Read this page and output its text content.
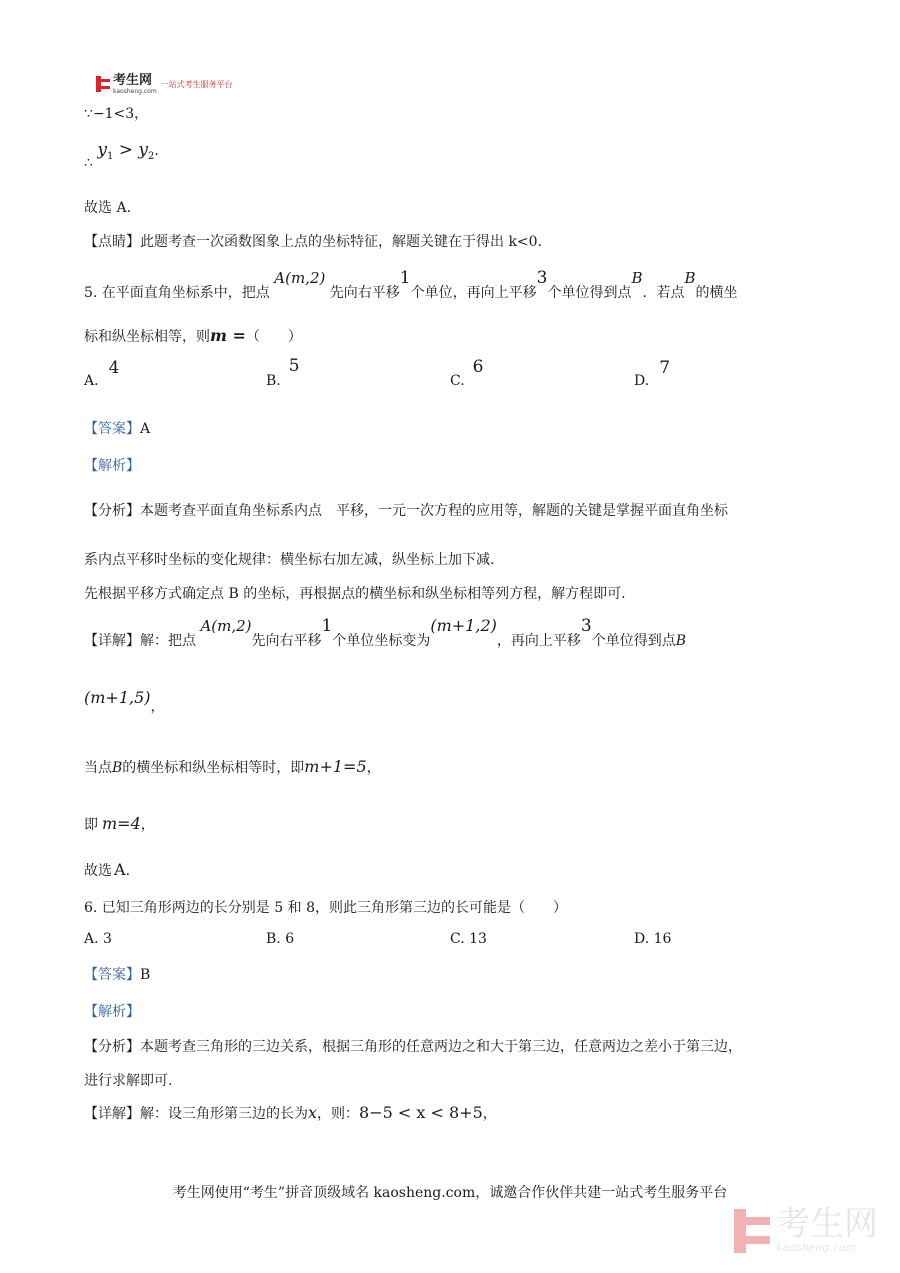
考生网
kaosheng.com
一站式考生服务平台
∵−1<3，
∴ $y_1 > y_2$.
故选 A.
【点睛】此题考查一次函数图象上点的坐标特征，解题关键在于得出 k<0.
5. 在平面直角坐标系中，把点 A(m,2) 先向右平移1个单位，再向上平移3个单位得到点B．若点B的横坐
标和纵坐标相等，则m =（　　）
A.4
B.5
C.6
D.7
【答案】A
【解析】
【分析】本题考查平面直角坐标系内点　平移，一元一次方程的应用等，解题的关键是掌握平面直角坐标
系内点平移时坐标的变化规律：横坐标右加左减，纵坐标上加下减.
先根据平移方式确定点 B 的坐标，再根据点的横坐标和纵坐标相等列方程，解方程即可.
【详解】解：把点 A(m,2)先向右平移1个单位坐标变为(m+1,2)，再向上平移3个单位得到点B
(m+1,5)，
当点B的横坐标和纵坐标相等时，即m+1=5，
即 m=4，
故选 A.
6. 已知三角形两边的长分别是 5 和 8，则此三角形第三边的长可能是（　　）
A. 3	B. 6	C. 13	D. 16
【答案】B
【解析】
【分析】本题考查三角形的三边关系，根据三角形的任意两边之和大于第三边，任意两边之差小于第三边，
进行求解即可.
【详解】解：设三角形第三边的长为x，则：8−5 < x < 8+5，
考生网使用“考生”拼音顶级域名 kaosheng.com，诚邀合作伙伴共建一站式考生服务平台
考生网
kaosheng.com
